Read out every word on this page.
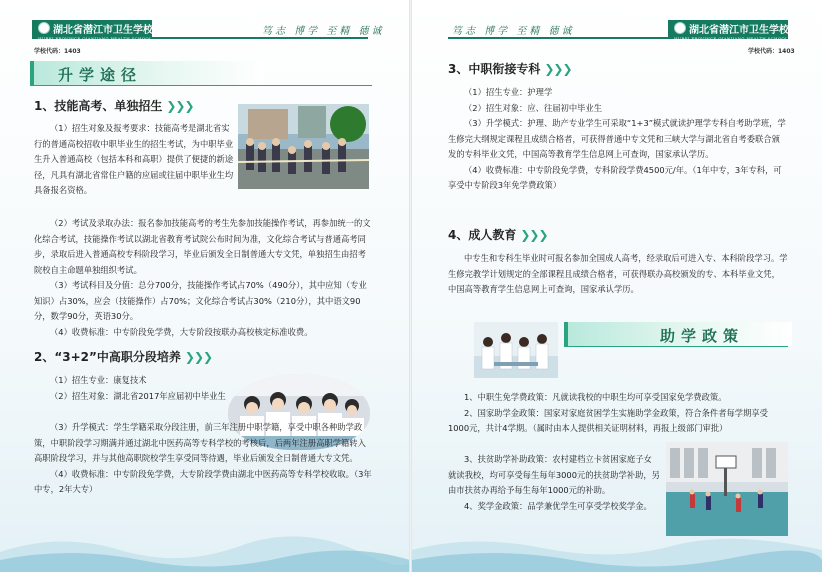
湖北省潜江市卫生学校
HUBEI PROVINCE QIANJIANG HEALTH SCHOOL
笃志 博学 至精 德诚
学校代码：1403
升学途径
1、技能高考、单独招生 ❯❯❯

（1）招生对象及报考要求：技能高考是湖北省实行的普通高校招收中职毕业生的招生考试，为中职毕业生升入普通高校（包括本科和高职）提供了便捷的新途径，凡具有湖北省常住户籍的应届或往届中职毕业生均具备报名资格。

（2）考试及录取办法：报名参加技能高考的考生先参加技能操作考试，再参加统一的文化综合考试，技能操作考试以湖北省教育考试院公布时间为准，文化综合考试与普通高考同步，录取后进入普通高校专科阶段学习，毕业后颁发全日制普通大专文凭，单独招生由招考院校自主命题单独组织考试。

（3）考试科目及分值：总分700分，技能操作考试占70%（490分），其中应知（专业知识）占30%，应会（技能操作）占70%；文化综合考试占30%（210分），其中语文90分，数学90分，英语30分。

（4）收费标准：中专阶段免学费，大专阶段按联办高校核定标准收费。

2、“3+2”中高职分段培养 ❯❯❯

（1）招生专业：康复技术

（2）招生对象：湖北省2017年应届初中毕业生

（3）升学模式：学生学籍采取分段注册，前三年注册中职学籍，享受中职各种助学政策，中职阶段学习期满并通过湖北中医药高等专科学校的考核后，后两年注册高职学籍转入高职阶段学习，并与其他高职院校学生享受同等待遇，毕业后颁发全日制普通大专文凭。

（4）收费标准：中专阶段免学费，大专阶段学费由湖北中医药高等专科学校收取。（3年中专，2年大专）

笃志 博学 至精 德诚	湖北省潜江市卫生学校
HUBEI PROVINCE QIANJIANG HEALTH SCHOOL
学校代码：1403
3、中职衔接专科 ❯❯❯

（1）招生专业：护理学

（2）招生对象：应、往届初中毕业生

（3）升学模式：护理、助产专业学生可采取“1+3”模式就读护理学专科自考助学班，学生修完大纲规定课程且成绩合格者，可获得普通中专文凭和三峡大学与湖北省自考委联合颁发的专科毕业文凭，中国高等教育学生信息网上可查询，国家承认学历。

（4）收费标准：中专阶段免学费，专科阶段学费4500元/年。（1年中专，3年专科，可享受中专阶段3年免学费政策）

4、成人教育 ❯❯❯

中专生和专科生毕业时可报名参加全国成人高考，经录取后可进入专、本科阶段学习。学生修完教学计划规定的全部课程且成绩合格者，可获得联办高校颁发的专、本科毕业文凭，中国高等教育学生信息网上可查询，国家承认学历。

助学政策

1、中职生免学费政策：凡就读我校的中职生均可享受国家免学费政策。

2、国家助学金政策：国家对家庭贫困学生实施助学金政策，符合条件者每学期享受1000元，共计4学期。（属时由本人提供相关证明材料，再报上级部门审批）

3、扶贫助学补助政策：农村建档立卡贫困家庭子女就读我校，均可享受每生每年3000元的扶贫助学补助，另由市扶贫办再给予每生每年1000元的补助。

4、奖学金政策：品学兼优学生可享受学校奖学金。
